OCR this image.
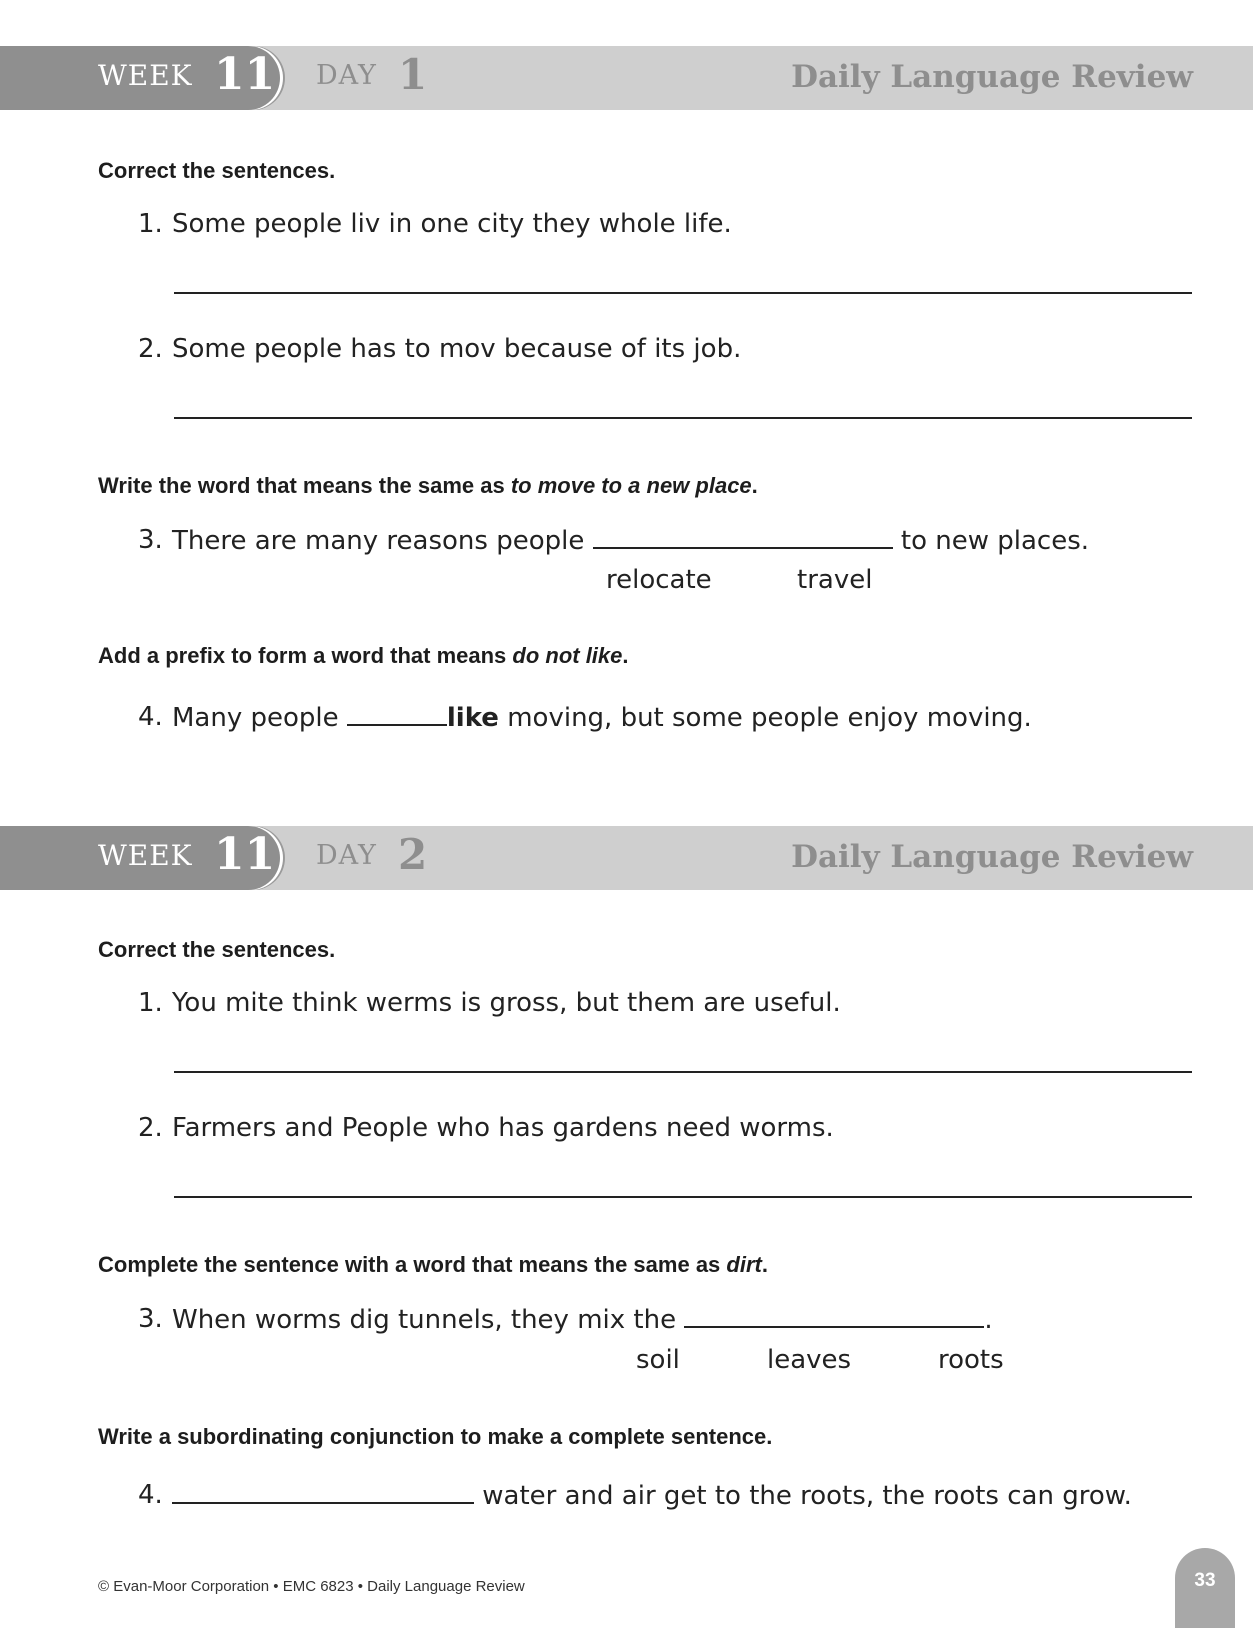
WEEK 11 DAY 1	Daily Language Review
Correct the sentences.
1. Some people liv in one city they whole life.
2. Some people has to mov because of its job.
Write the word that means the same as to move to a new place.
3. There are many reasons people	to new places.
relocate	travel
Add a prefix to form a word that means do not like.
4. Many people	like moving, but some people enjoy moving.
WEEK 11 DAY 2	Daily Language Review
Correct the sentences.
1. You mite think werms is gross, but them are useful.
2. Farmers and People who has gardens need worms.
Complete the sentence with a word that means the same as dirt.
3. When worms dig tunnels, they mix the	.
soil	leaves	roots
Write a subordinating conjunction to make a complete sentence.
4.	water and air get to the roots, the roots can grow.
© Evan-Moor Corporation • EMC 6823 • Daily Language Review	33
